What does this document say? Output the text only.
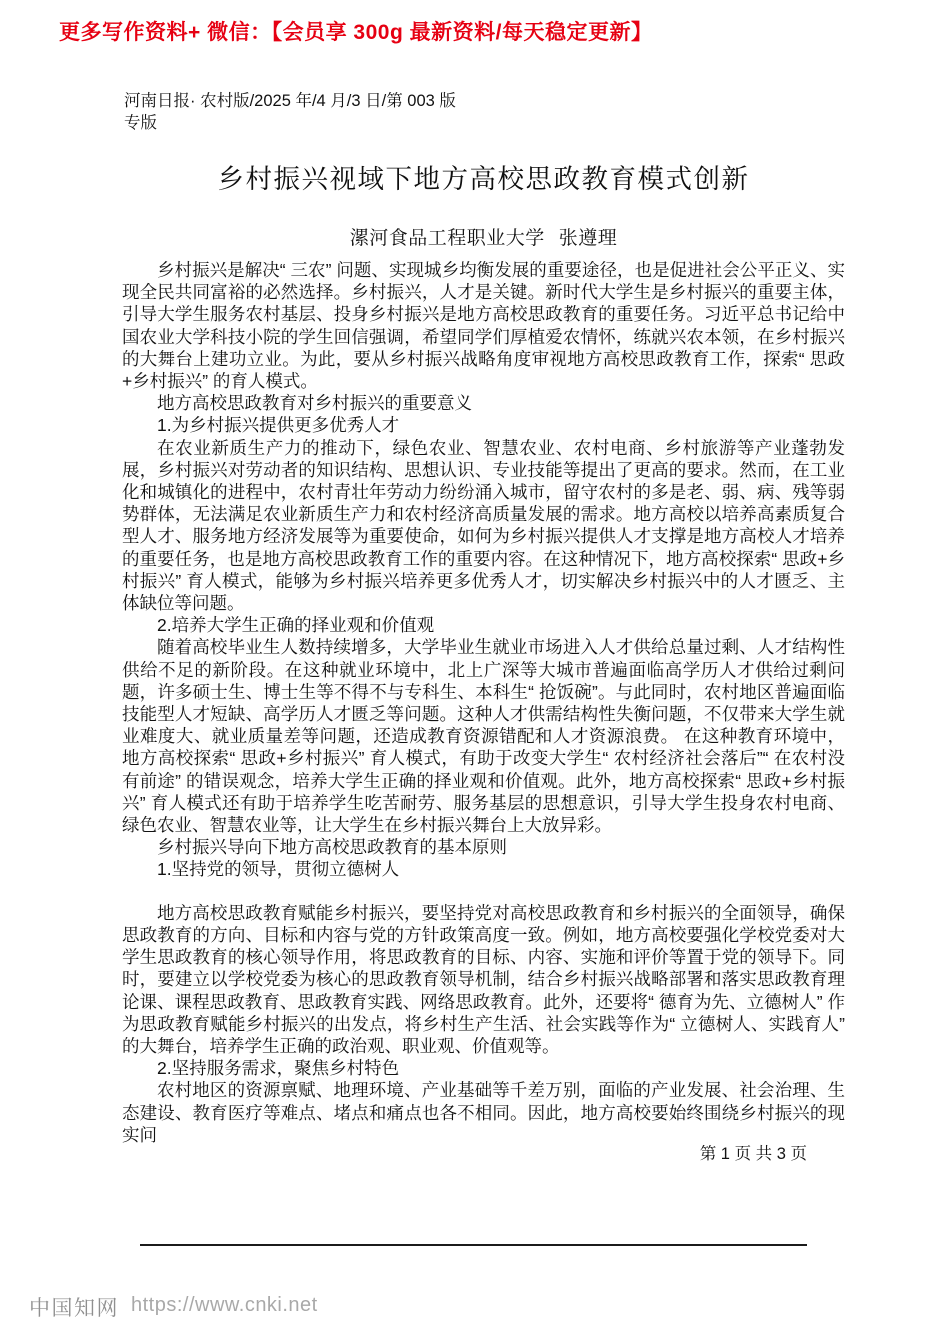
更多写作资料+ 微信：【会员享 300g 最新资料/每天稳定更新】
河南日报· 农村版/2025 年/4 月/3 日/第 003 版
专版
乡村振兴视域下地方高校思政教育模式创新
漯河食品工程职业大学 张遵理

乡村振兴是解决“ 三农” 问题、实现城乡均衡发展的重要途径，也是促进社会公平正义、实现全民共同富裕的必然选择。乡村振兴，人才是关键。新时代大学生是乡村振兴的重要主体，引导大学生服务农村基层、投身乡村振兴是地方高校思政教育的重要任务。习近平总书记给中国农业大学科技小院的学生回信强调，希望同学们厚植爱农情怀，练就兴农本领，在乡村振兴的大舞台上建功立业。为此，要从乡村振兴战略角度审视地方高校思政教育工作，探索“ 思政+乡村振兴” 的育人模式。

地方高校思政教育对乡村振兴的重要意义

1.为乡村振兴提供更多优秀人才

在农业新质生产力的推动下，绿色农业、智慧农业、农村电商、乡村旅游等产业蓬勃发展，乡村振兴对劳动者的知识结构、思想认识、专业技能等提出了更高的要求。然而，在工业化和城镇化的进程中，农村青壮年劳动力纷纷涌入城市，留守农村的多是老、弱、病、残等弱势群体，无法满足农业新质生产力和农村经济高质量发展的需求。地方高校以培养高素质复合型人才、服务地方经济发展等为重要使命，如何为乡村振兴提供人才支撑是地方高校人才培养的重要任务，也是地方高校思政教育工作的重要内容。在这种情况下，地方高校探索“ 思政+乡村振兴” 育人模式，能够为乡村振兴培养更多优秀人才，切实解决乡村振兴中的人才匮乏、主体缺位等问题。

2.培养大学生正确的择业观和价值观

随着高校毕业生人数持续增多，大学毕业生就业市场进入人才供给总量过剩、人才结构性供给不足的新阶段。在这种就业环境中，北上广深等大城市普遍面临高学历人才供给过剩问题，许多硕士生、博士生等不得不与专科生、本科生“ 抢饭碗”。与此同时，农村地区普遍面临技能型人才短缺、高学历人才匮乏等问题。这种人才供需结构性失衡问题，不仅带来大学生就业难度大、就业质量差等问题，还造成教育资源错配和人才资源浪费。 在这种教育环境中， 地方高校探索“ 思政+乡村振兴” 育人模式，有助于改变大学生“ 农村经济社会落后”“ 在农村没有前途” 的错误观念，培养大学生正确的择业观和价值观。此外，地方高校探索“ 思政+乡村振兴” 育人模式还有助于培养学生吃苦耐劳、服务基层的思想意识，引导大学生投身农村电商、绿色农业、智慧农业等，让大学生在乡村振兴舞台上大放异彩。

乡村振兴导向下地方高校思政教育的基本原则

1.坚持党的领导，贯彻立德树人

地方高校思政教育赋能乡村振兴，要坚持党对高校思政教育和乡村振兴的全面领导，确保思政教育的方向、目标和内容与党的方针政策高度一致。例如，地方高校要强化学校党委对大学生思政教育的核心领导作用，将思政教育的目标、内容、实施和评价等置于党的领导下。同时，要建立以学校党委为核心的思政教育领导机制，结合乡村振兴战略部署和落实思政教育理论课、课程思政教育、思政教育实践、网络思政教育。此外，还要将“ 德育为先、立德树人” 作为思政教育赋能乡村振兴的出发点，将乡村生产生活、社会实践等作为“ 立德树人、实践育人” 的大舞台，培养学生正确的政治观、职业观、价值观等。

2.坚持服务需求，聚焦乡村特色

农村地区的资源禀赋、地理环境、产业基础等千差万别，面临的产业发展、社会治理、生态建设、教育医疗等难点、堵点和痛点也各不相同。因此，地方高校要始终围绕乡村振兴的现实问

第 1 页 共 3 页
中国知网 https://www.cnki.net
